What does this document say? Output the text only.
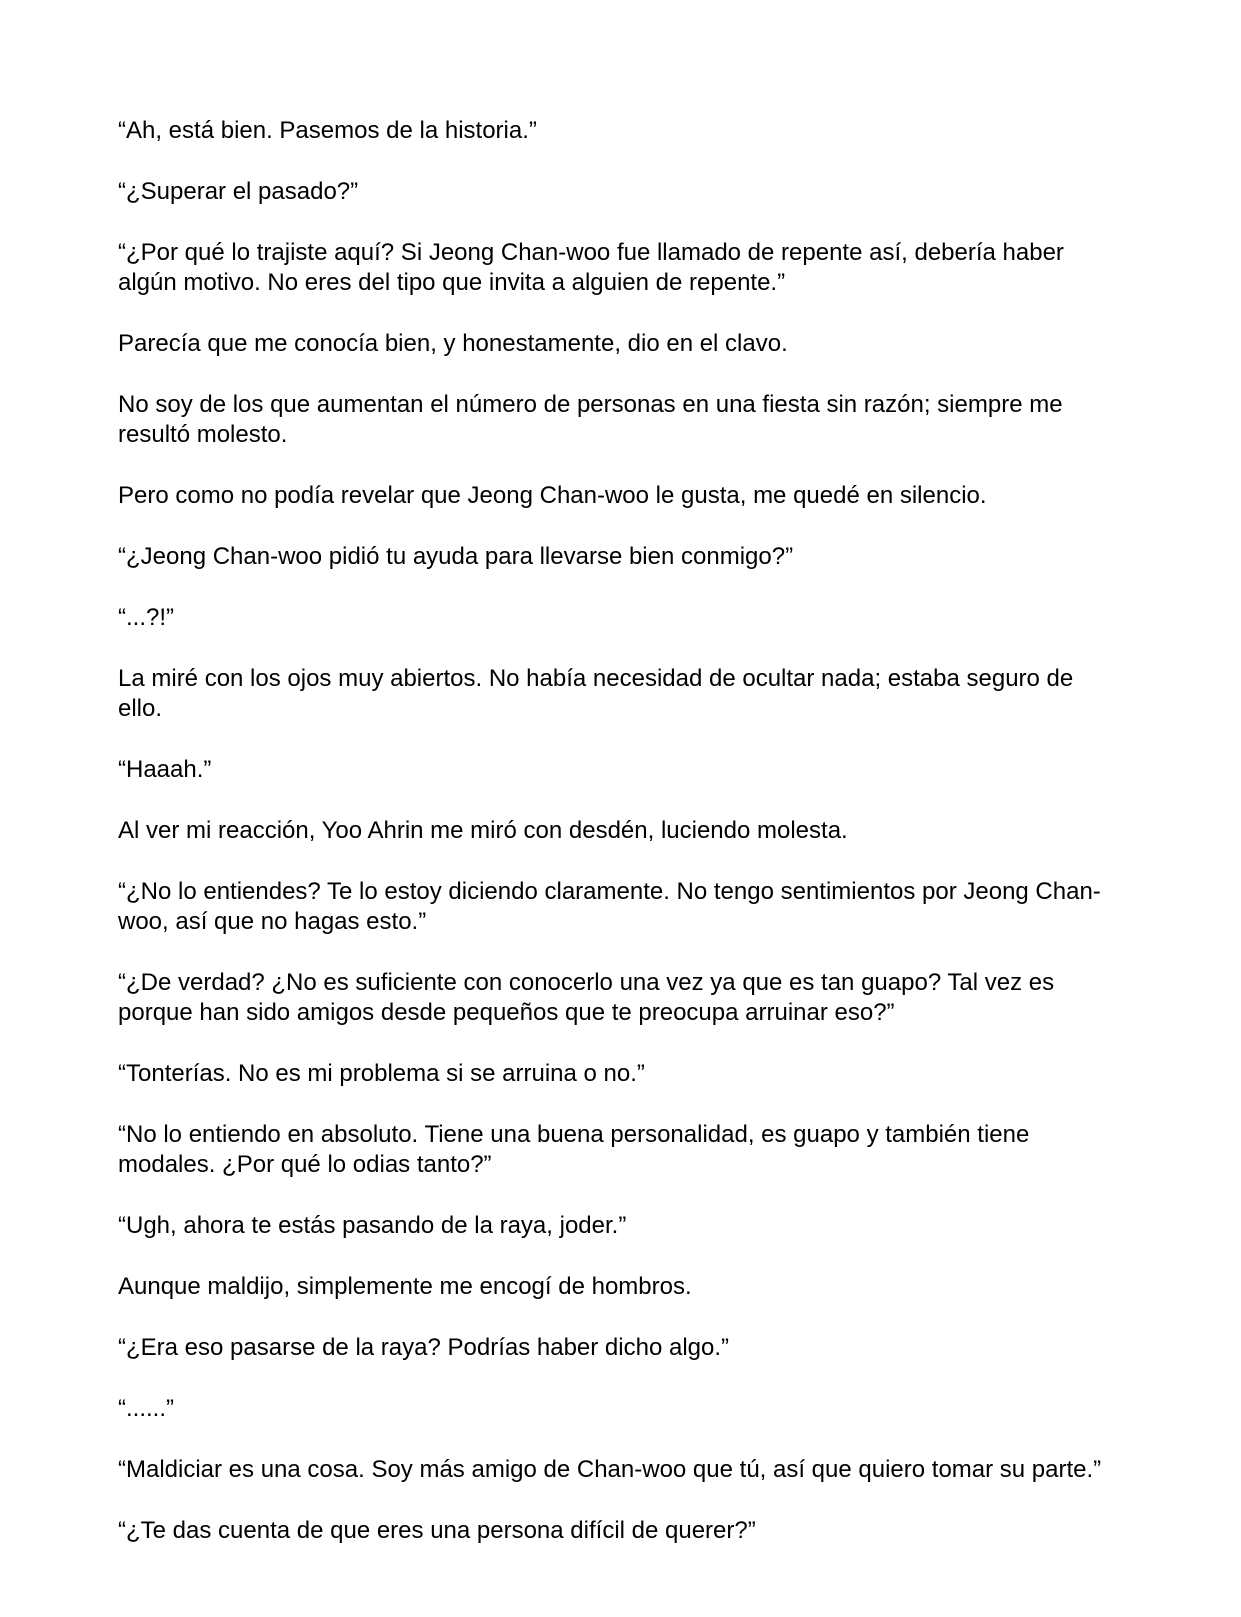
“Ah, está bien. Pasemos de la historia.”

“¿Superar el pasado?”

“¿Por qué lo trajiste aquí? Si Jeong Chan-woo fue llamado de repente así, debería haber algún motivo. No eres del tipo que invita a alguien de repente.”

Parecía que me conocía bien, y honestamente, dio en el clavo.

No soy de los que aumentan el número de personas en una fiesta sin razón; siempre me resultó molesto.

Pero como no podía revelar que Jeong Chan-woo le gusta, me quedé en silencio.

“¿Jeong Chan-woo pidió tu ayuda para llevarse bien conmigo?”

“...?!”

La miré con los ojos muy abiertos. No había necesidad de ocultar nada; estaba seguro de ello.

“Haaah.”

Al ver mi reacción, Yoo Ahrin me miró con desdén, luciendo molesta.

“¿No lo entiendes? Te lo estoy diciendo claramente. No tengo sentimientos por Jeong Chan-woo, así que no hagas esto.”

“¿De verdad? ¿No es suficiente con conocerlo una vez ya que es tan guapo? Tal vez es porque han sido amigos desde pequeños que te preocupa arruinar eso?”

“Tonterías. No es mi problema si se arruina o no.”

“No lo entiendo en absoluto. Tiene una buena personalidad, es guapo y también tiene modales. ¿Por qué lo odias tanto?”

“Ugh, ahora te estás pasando de la raya, joder.”

Aunque maldijo, simplemente me encogí de hombros.

“¿Era eso pasarse de la raya? Podrías haber dicho algo.”

“......”

“Maldiciar es una cosa. Soy más amigo de Chan-woo que tú, así que quiero tomar su parte.”

“¿Te das cuenta de que eres una persona difícil de querer?”
